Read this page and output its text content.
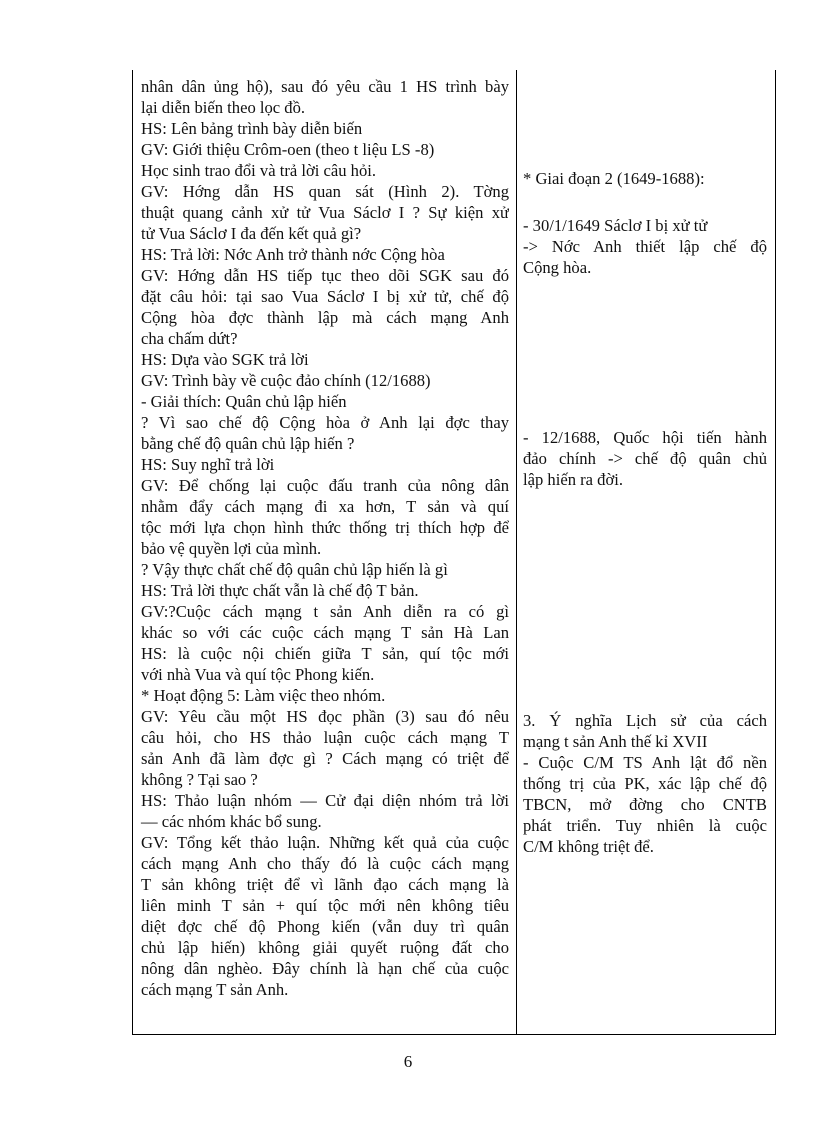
nhân dân ủng hộ), sau đó yêu cầu 1 HS trình bày
lại diễn biến theo lọc đồ.
HS: Lên bảng trình bày diễn biến
GV: Giới thiệu Crôm-oen (theo t liệu LS -8)
Học sinh trao đổi và trả lời câu hỏi.
GV: Hớng dẫn HS quan sát (Hình 2). Tờng
thuật quang cảnh xử tử Vua Sáclơ I ? Sự kiện xử
tử Vua Sáclơ I đa đến kết quả gì?
HS: Trả lời: Nớc Anh trở thành nớc Cộng hòa
GV: Hớng dẫn HS tiếp tục theo dõi SGK sau đó
đặt câu hỏi: tại sao Vua Sáclơ I bị xử tử, chế độ
Cộng hòa đợc thành lập mà cách mạng Anh
cha chấm dứt?
HS: Dựa vào SGK trả lời
GV: Trình bày về cuộc đảo chính (12/1688)
- Giải thích: Quân chủ lập hiến
? Vì sao chế độ Cộng hòa ở Anh lại đợc thay
bằng chế độ quân chủ lập hiến ?
HS: Suy nghĩ trả lời
GV: Để chống lại cuộc đấu tranh của nông dân
nhằm đẩy cách mạng đi xa hơn, T sản và quí
tộc mới lựa chọn hình thức thống trị thích hợp để
bảo vệ quyền lợi của mình.
? Vậy thực chất chế độ quân chủ lập hiến là gì
HS: Trả lời thực chất vẫn là chế độ T bản.
GV:?Cuộc cách mạng t sản Anh diễn ra có gì
khác so với các cuộc cách mạng T sản Hà Lan
HS: là cuộc nội chiến giữa T sản, quí tộc mới
với nhà Vua và quí tộc Phong kiến.
* Hoạt động 5: Làm việc theo nhóm.
GV: Yêu cầu một HS đọc phần (3) sau đó nêu
câu hỏi, cho HS thảo luận cuộc cách mạng T
sản Anh đã làm đợc gì ? Cách mạng có triệt để
không ? Tại sao ?
HS: Thảo luận nhóm — Cử đại diện nhóm trả lời
— các nhóm khác bổ sung.
GV: Tổng kết thảo luận. Những kết quả của cuộc
cách mạng Anh cho thấy đó là cuộc cách mạng
T sản không triệt để vì lãnh đạo cách mạng là
liên minh T sản + quí tộc mới nên không tiêu
diệt đợc chế độ Phong kiến (vẫn duy trì quân
chủ lập hiến) không giải quyết ruộng đất cho
nông dân nghèo. Đây chính là hạn chế của cuộc
cách mạng T sản Anh.
* Giai đoạn 2 (1649-1688):
- 30/1/1649 Sáclơ I bị xử tử
-> Nớc Anh thiết lập chế độ
Cộng hòa.
- 12/1688, Quốc hội tiến hành
đảo chính -> chế độ quân chủ
lập hiến ra đời.
3. Ý nghĩa Lịch sử của cách
mạng t sản Anh thế kỉ XVII
- Cuộc C/M TS Anh lật đổ nền
thống trị của PK, xác lập chế độ
TBCN, mở đờng cho CNTB
phát triển. Tuy nhiên là cuộc
C/M không triệt để.
6
